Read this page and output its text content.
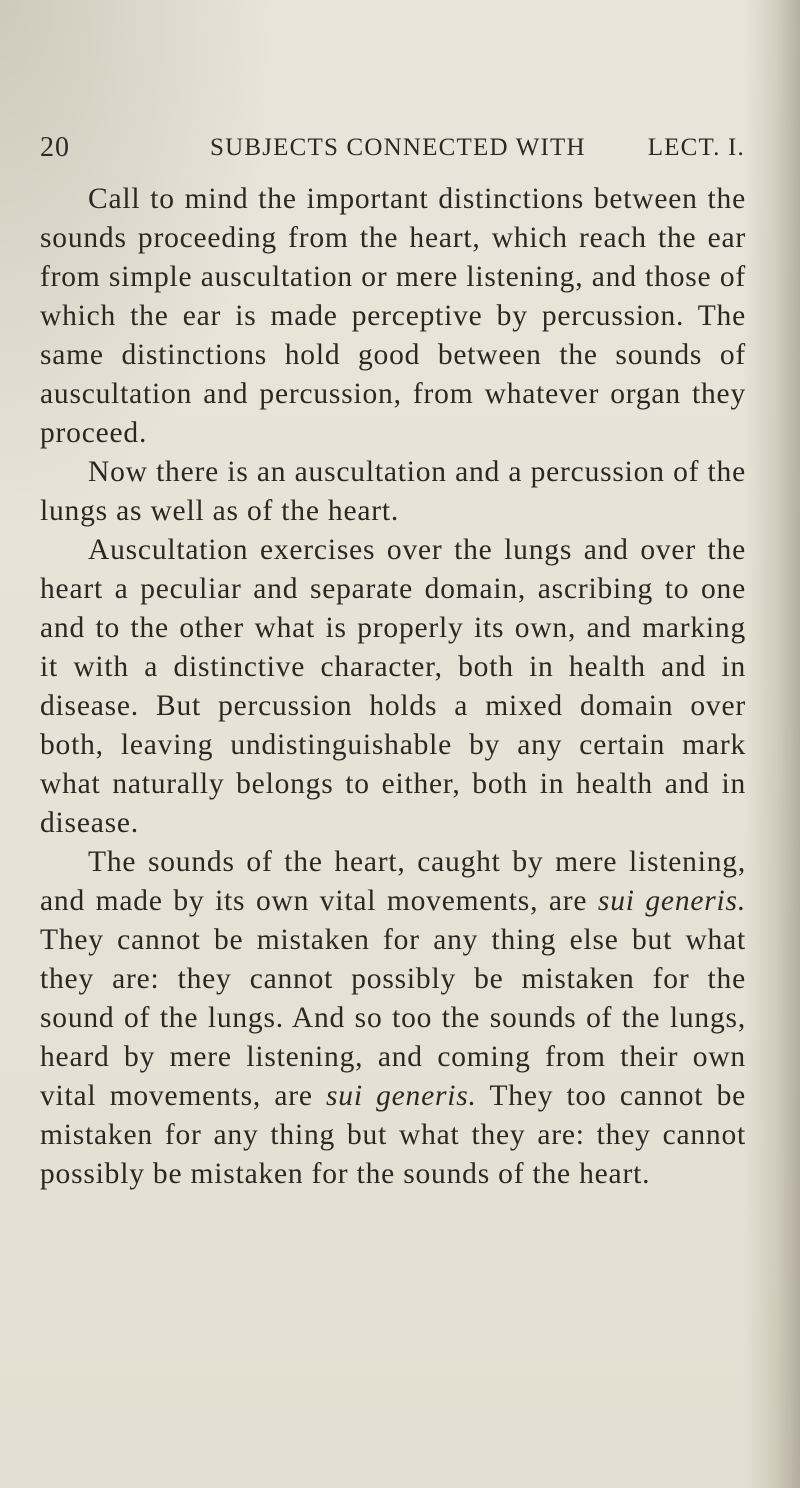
20	SUBJECTS CONNECTED WITH LECT. I.

Call to mind the important distinctions between the sounds proceeding from the heart, which reach the ear from simple auscultation or mere listening, and those of which the ear is made perceptive by percussion. The same distinctions hold good between the sounds of auscultation and percussion, from whatever organ they proceed.

Now there is an auscultation and a percussion of the lungs as well as of the heart.

Auscultation exercises over the lungs and over the heart a peculiar and separate domain, ascribing to one and to the other what is properly its own, and marking it with a distinctive character, both in health and in disease. But percussion holds a mixed domain over both, leaving undistinguishable by any certain mark what naturally belongs to either, both in health and in disease.

The sounds of the heart, caught by mere listening, and made by its own vital movements, are sui generis. They cannot be mistaken for any thing else but what they are: they cannot possibly be mistaken for the sound of the lungs. And so too the sounds of the lungs, heard by mere listening, and coming from their own vital movements, are sui generis. They too cannot be mistaken for any thing but what they are: they cannot possibly be mistaken for the sounds of the heart.
